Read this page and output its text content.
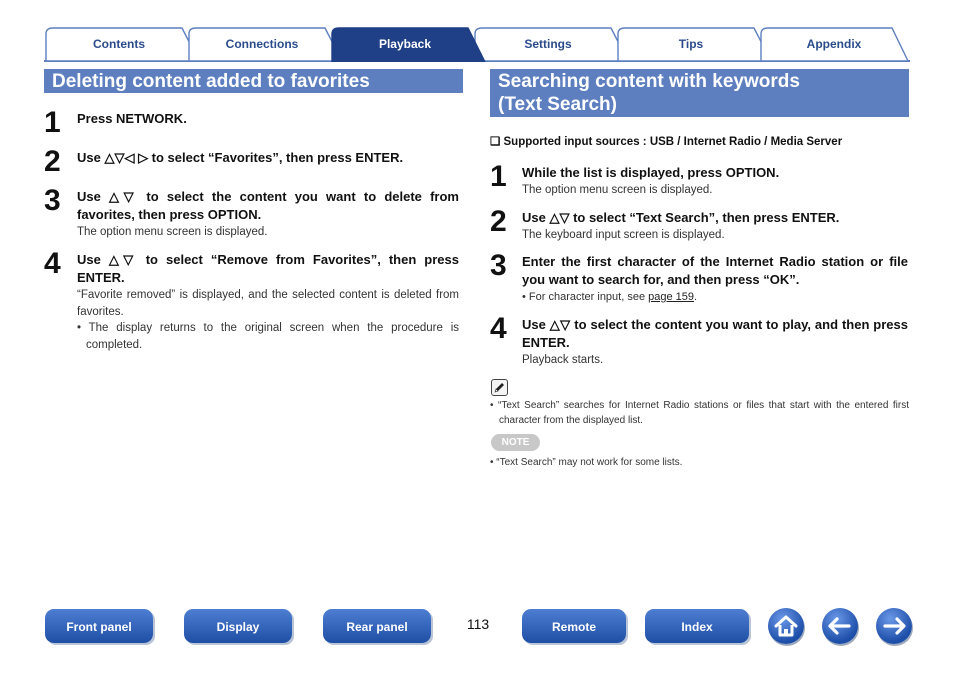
Contents	Connections	Playback	Settings	Tips	Appendix
Deleting content added to favorites
1 Press NETWORK.
2 Use △▽◁ ▷ to select “Favorites”, then press ENTER.
3 Use △▽ to select the content you want to delete from favorites, then press OPTION.
The option menu screen is displayed.
4 Use △▽ to select “Remove from Favorites”, then press ENTER.
“Favorite removed” is displayed, and the selected content is deleted from favorites.
• The display returns to the original screen when the procedure is completed.
Searching content with keywords
(Text Search)
❑ Supported input sources : USB / Internet Radio / Media Server
1 While the list is displayed, press OPTION.
The option menu screen is displayed.
2 Use △▽ to select “Text Search”, then press ENTER.
The keyboard input screen is displayed.
3 Enter the first character of the Internet Radio station or file you want to search for, and then press “OK”.
• For character input, see page 159.
4 Use △▽ to select the content you want to play, and then press ENTER.
Playback starts.
• “Text Search” searches for Internet Radio stations or files that start with the entered first character from the displayed list.
NOTE
• “Text Search” may not work for some lists.
Front panel	Display	Rear panel	113	Remote	Index
